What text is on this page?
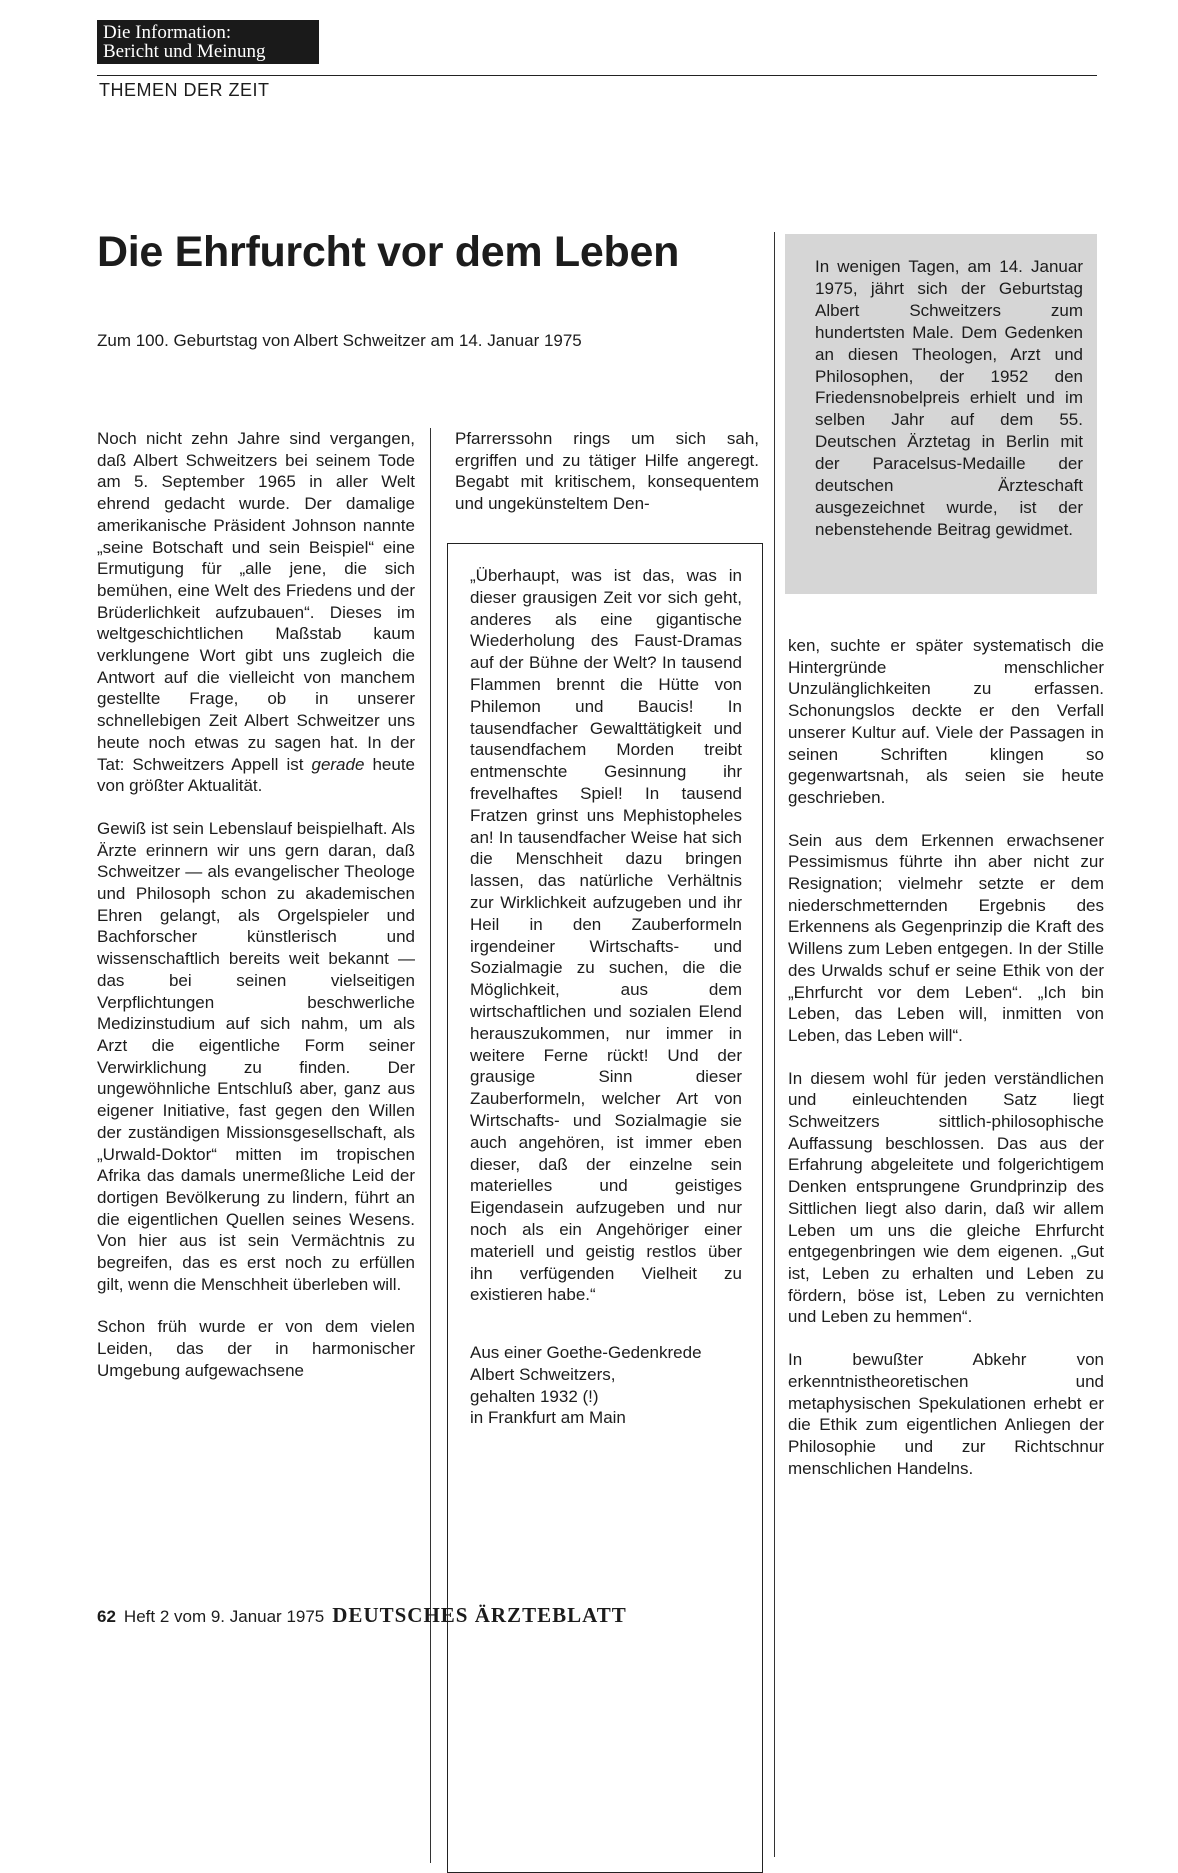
Die Information:
Bericht und Meinung
THEMEN DER ZEIT
Die Ehrfurcht vor dem Leben
Zum 100. Geburtstag von Albert Schweitzer am 14. Januar 1975

In wenigen Tagen, am 14. Januar 1975, jährt sich der Geburtstag Albert Schweitzers zum hundertsten Male. Dem Gedenken an diesen Theologen, Arzt und Philosophen, der 1952 den Friedensnobelpreis erhielt und im selben Jahr auf dem 55. Deutschen Ärztetag in Berlin mit der Paracelsus-Medaille der deutschen Ärzteschaft ausgezeichnet wurde, ist der nebenstehende Beitrag gewidmet.

Noch nicht zehn Jahre sind vergangen, daß Albert Schweitzers bei seinem Tode am 5. September 1965 in aller Welt ehrend gedacht wurde. Der damalige amerikanische Präsident Johnson nannte „seine Botschaft und sein Beispiel“ eine Ermutigung für „alle jene, die sich bemühen, eine Welt des Friedens und der Brüderlichkeit aufzubauen“. Dieses im weltgeschichtlichen Maßstab kaum verklungene Wort gibt uns zugleich die Antwort auf die vielleicht von manchem gestellte Frage, ob in unserer schnellebigen Zeit Albert Schweitzer uns heute noch etwas zu sagen hat. In der Tat: Schweitzers Appell ist gerade heute von größter Aktualität.

Gewiß ist sein Lebenslauf beispielhaft. Als Ärzte erinnern wir uns gern daran, daß Schweitzer — als evangelischer Theologe und Philosoph schon zu akademischen Ehren gelangt, als Orgelspieler und Bachforscher künstlerisch und wissenschaftlich bereits weit bekannt — das bei seinen vielseitigen Verpflichtungen beschwerliche Medizinstudium auf sich nahm, um als Arzt die eigentliche Form seiner Verwirklichung zu finden. Der ungewöhnliche Entschluß aber, ganz aus eigener Initiative, fast gegen den Willen der zuständigen Missionsgesellschaft, als „Urwald-Doktor“ mitten im tropischen Afrika das damals unermeßliche Leid der dortigen Bevölkerung zu lindern, führt an die eigentlichen Quellen seines Wesens. Von hier aus ist sein Vermächtnis zu begreifen, das es erst noch zu erfüllen gilt, wenn die Menschheit überleben will.

Schon früh wurde er von dem vielen Leiden, das der in harmonischer Umgebung aufgewachsene

Pfarrerssohn rings um sich sah, ergriffen und zu tätiger Hilfe angeregt. Begabt mit kritischem, konsequentem und ungekünsteltem Den-

„Überhaupt, was ist das, was in dieser grausigen Zeit vor sich geht, anderes als eine gigantische Wiederholung des Faust-Dramas auf der Bühne der Welt? In tausend Flammen brennt die Hütte von Philemon und Baucis! In tausendfacher Gewalttätigkeit und tausendfachem Morden treibt entmenschte Gesinnung ihr frevelhaftes Spiel! In tausend Fratzen grinst uns Mephistopheles an! In tausendfacher Weise hat sich die Menschheit dazu bringen lassen, das natürliche Verhältnis zur Wirklichkeit aufzugeben und ihr Heil in den Zauberformeln irgendeiner Wirtschafts- und Sozialmagie zu suchen, die die Möglichkeit, aus dem wirtschaftlichen und sozialen Elend herauszukommen, nur immer in weitere Ferne rückt! Und der grausige Sinn dieser Zauberformeln, welcher Art von Wirtschafts- und Sozialmagie sie auch angehören, ist immer eben dieser, daß der einzelne sein materielles und geistiges Eigendasein aufzugeben und nur noch als ein Angehöriger einer materiell und geistig restlos über ihn verfügenden Vielheit zu existieren habe.“

Aus einer Goethe-Gedenkrede
Albert Schweitzers,
gehalten 1932 (!)
in Frankfurt am Main

ken, suchte er später systematisch die Hintergründe menschlicher Unzulänglichkeiten zu erfassen. Schonungslos deckte er den Verfall unserer Kultur auf. Viele der Passagen in seinen Schriften klingen so gegenwartsnah, als seien sie heute geschrieben.

Sein aus dem Erkennen erwachsener Pessimismus führte ihn aber nicht zur Resignation; vielmehr setzte er dem niederschmetternden Ergebnis des Erkennens als Gegenprinzip die Kraft des Willens zum Leben entgegen. In der Stille des Urwalds schuf er seine Ethik von der „Ehrfurcht vor dem Leben“. „Ich bin Leben, das Leben will, inmitten von Leben, das Leben will“.

In diesem wohl für jeden verständlichen und einleuchtenden Satz liegt Schweitzers sittlich-philosophische Auffassung beschlossen. Das aus der Erfahrung abgeleitete und folgerichtigem Denken entsprungene Grundprinzip des Sittlichen liegt also darin, daß wir allem Leben um uns die gleiche Ehrfurcht entgegenbringen wie dem eigenen. „Gut ist, Leben zu erhalten und Leben zu fördern, böse ist, Leben zu vernichten und Leben zu hemmen“.

In bewußter Abkehr von erkenntnistheoretischen und metaphysischen Spekulationen erhebt er die Ethik zum eigentlichen Anliegen der Philosophie und zur Richtschnur menschlichen Handelns.

62 Heft 2 vom 9. Januar 1975 DEUTSCHES ÄRZTEBLATT
